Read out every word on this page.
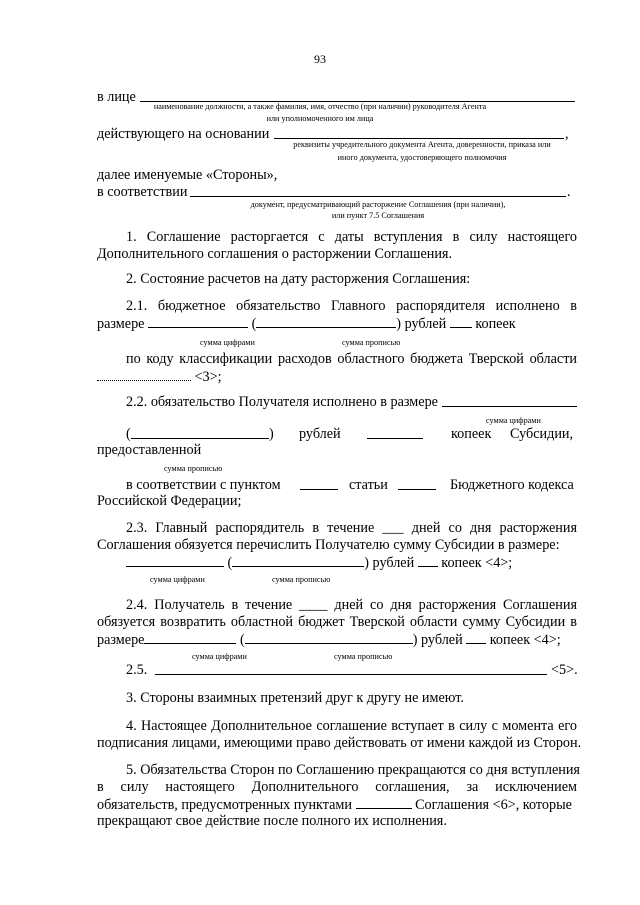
93
в лице
наименование должности, а также фамилия, имя, отчество (при наличии) руководителя Агента
или уполномоченного им лица
действующего на основании	,
реквизиты учредительного документа Агента, доверенности, приказа или
иного документа, удостоверяющего полномочия
далее именуемые «Стороны»,
в соответствии	.
документ, предусматривающий расторжение Соглашения (при наличии),
или пункт 7.5 Соглашения
1. Соглашение расторгается с даты вступления в силу настоящего
Дополнительного соглашения о расторжении Соглашения.
2. Состояние расчетов на дату расторжения Соглашения:
2.1. бюджетное обязательство Главного распорядителя исполнено в
размере	(	) рублей копеек
сумма цифрами	сумма прописью
по коду классификации расходов областного бюджета Тверской области
<3>;
2.2. обязательство Получателя исполнено в размере
сумма цифрами
(	) рублей	копеек Субсидии,
предоставленной
сумма прописью
в соответствии с пунктом	статьи	Бюджетного кодекса
Российской Федерации;
2.3. Главный распорядитель в течение ___ дней со дня расторжения
Соглашения обязуется перечислить Получателю сумму Субсидии в размере:
(	) рублей копеек <4>;
сумма цифрами	сумма прописью
2.4. Получатель в течение ____ дней со дня расторжения Соглашения
обязуется возвратить областной бюджет Тверской области сумму Субсидии в
размере	(	) рублей копеек <4>;
сумма цифрами	сумма прописью
2.5.	<5>.
3. Стороны взаимных претензий друг к другу не имеют.
4. Настоящее Дополнительное соглашение вступает в силу с момента его
подписания лицами, имеющими право действовать от имени каждой из Сторон.
5. Обязательства Сторон по Соглашению прекращаются со дня вступления
в силу настоящего Дополнительного соглашения, за исключением
обязательств, предусмотренных пунктами	Соглашения <6>, которые
прекращают свое действие после полного их исполнения.
